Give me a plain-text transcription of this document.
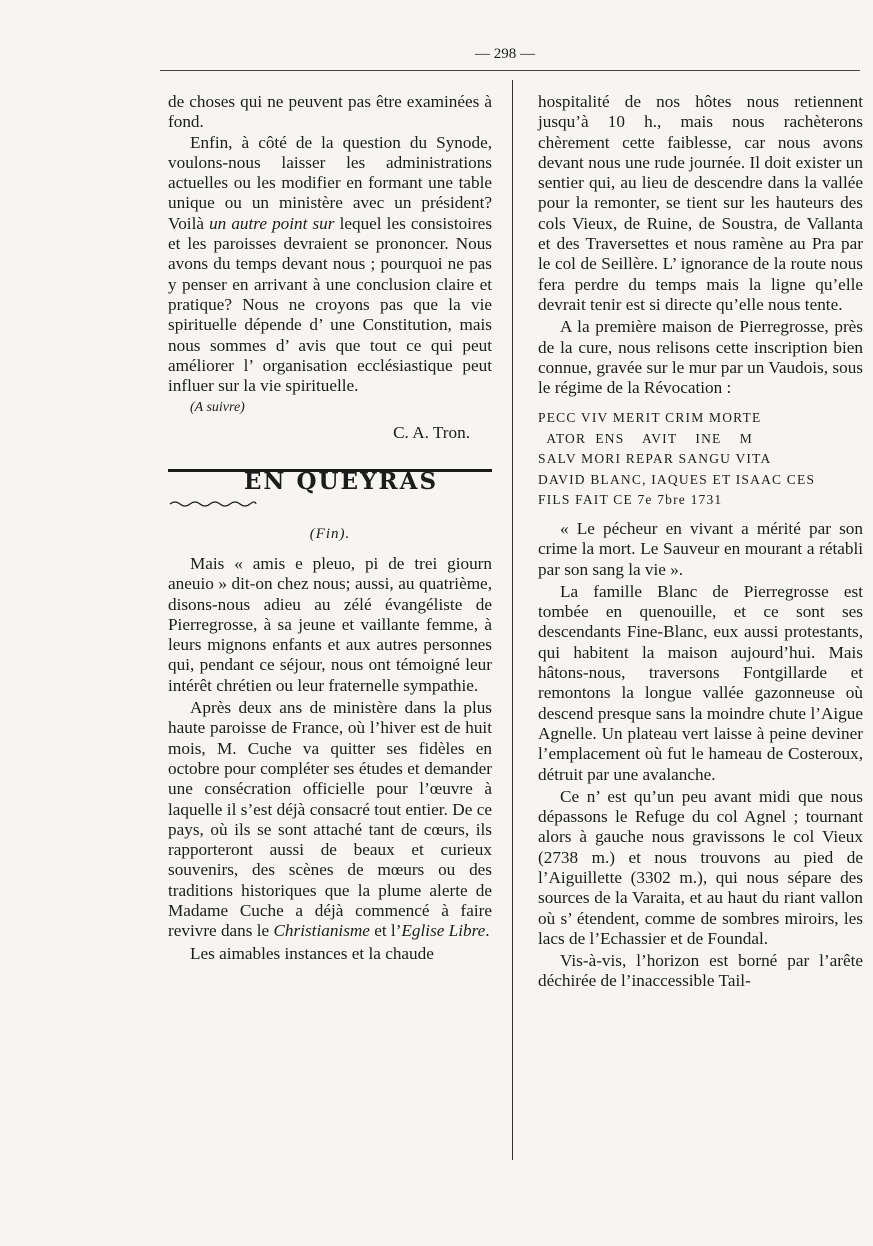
— 298 —

de choses qui ne peuvent pas être examinées à fond.

Enfin, à côté de la question du Synode, voulons-nous laisser les administrations actuelles ou les modifier en formant une table unique ou un ministère avec un président? Voilà un autre point sur lequel les consistoires et les paroisses devraient se prononcer. Nous avons du temps devant nous ; pourquoi ne pas y penser en arrivant à une conclusion claire et pratique? Nous ne croyons pas que la vie spirituelle dépende d’ une Constitution, mais nous sommes d’ avis que tout ce qui peut améliorer l’ organisation ecclésiastique peut influer sur la vie spirituelle.

(A suivre)

C. A. Tron.

EN QUEYRAS

(Fin).

Mais « amis e pleuo, pi de trei giourn aneuio » dit-on chez nous; aussi, au quatrième, disons-nous adieu au zélé évangéliste de Pierregrosse, à sa jeune et vaillante femme, à leurs mignons enfants et aux autres personnes qui, pendant ce séjour, nous ont témoigné leur intérêt chrétien ou leur fraternelle sympathie.

Après deux ans de ministère dans la plus haute paroisse de France, où l’hiver est de huit mois, M. Cuche va quitter ses fidèles en octobre pour compléter ses études et demander une consécration officielle pour l’œuvre à laquelle il s’est déjà consacré tout entier. De ce pays, où ils se sont attaché tant de cœurs, ils rapporteront aussi de beaux et curieux souvenirs, des scènes de mœurs ou des traditions historiques que la plume alerte de Madame Cuche a déjà commencé à faire revivre dans le Christianisme et l’Eglise Libre.

Les aimables instances et la chaude

hospitalité de nos hôtes nous retiennent jusqu’à 10 h., mais nous rachèterons chèrement cette faiblesse, car nous avons devant nous une rude journée. Il doit exister un sentier qui, au lieu de descendre dans la vallée pour la remonter, se tient sur les hauteurs des cols Vieux, de Ruine, de Soustra, de Vallanta et des Traversettes et nous ramène au Pra par le col de Seillère. L’ ignorance de la route nous fera perdre du temps mais la ligne qu’elle devrait tenir est si directe qu’elle nous tente.

A la première maison de Pierregrosse, près de la cure, nous relisons cette inscription bien connue, gravée sur le mur par un Vaudois, sous le régime de la Révocation :

PECC VIV MERIT CRIM MORTE
ATOR  ENS    AVIT    INE    M
SALV MORI REPAR SANGU VITA
DAVID BLANC, IAQUES ET ISAAC CES
FILS FAIT CE 7e 7bre 1731

« Le pécheur en vivant a mérité par son crime la mort. Le Sauveur en mourant a rétabli par son sang la vie ».

La famille Blanc de Pierregrosse est tombée en quenouille, et ce sont ses descendants Fine-Blanc, eux aussi protestants, qui habitent la maison aujourd’hui. Mais hâtons-nous, traversons Fontgillarde et remontons la longue vallée gazonneuse où descend presque sans la moindre chute l’Aigue Agnelle. Un plateau vert laisse à peine deviner l’emplacement où fut le hameau de Costeroux, détruit par une avalanche.

Ce n’ est qu’un peu avant midi que nous dépassons le Refuge du col Agnel ; tournant alors à gauche nous gravissons le col Vieux (2738 m.) et nous trouvons au pied de l’Aiguillette (3302 m.), qui nous sépare des sources de la Varaita, et au haut du riant vallon où s’ étendent, comme de sombres miroirs, les lacs de l’Echassier et de Foundal.

Vis-à-vis, l’horizon est borné par l’arête déchirée de l’inaccessible Tail-
